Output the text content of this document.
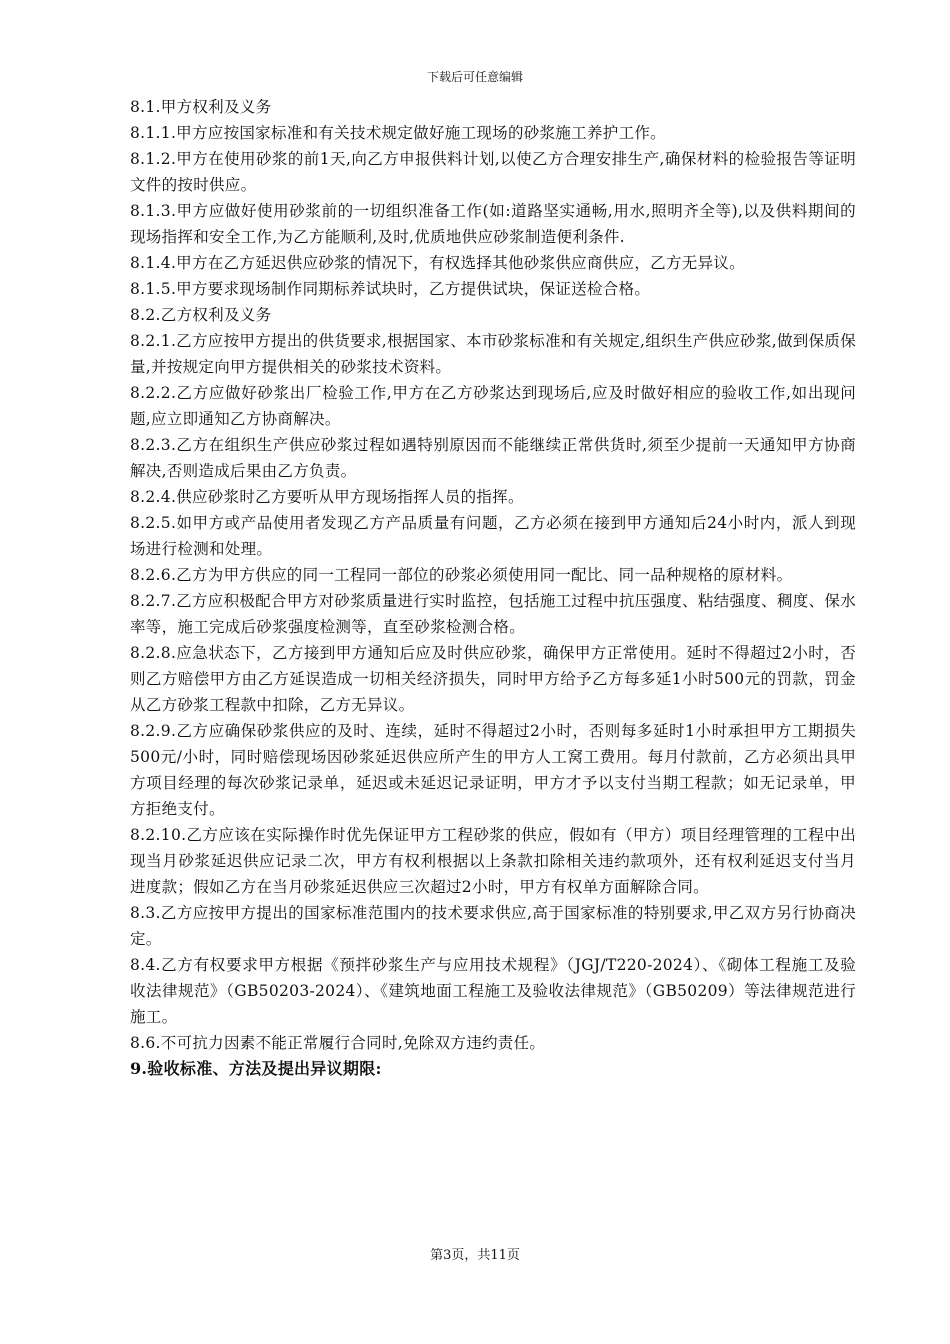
下载后可任意编辑

8.1.甲方权利及义务

8.1.1.甲方应按国家标准和有关技术规定做好施工现场的砂浆施工养护工作。

8.1.2.甲方在使用砂浆的前1天,向乙方申报供料计划,以使乙方合理安排生产,确保材料的检验报告等证明文件的按时供应。

8.1.3.甲方应做好使用砂浆前的一切组织准备工作(如:道路坚实通畅,用水,照明齐全等),以及供料期间的现场指挥和安全工作,为乙方能顺利,及时,优质地供应砂浆制造便利条件.

8.1.4.甲方在乙方延迟供应砂浆的情况下，有权选择其他砂浆供应商供应，乙方无异议。

8.1.5.甲方要求现场制作同期标养试块时，乙方提供试块，保证送检合格。

8.2.乙方权利及义务

8.2.1.乙方应按甲方提出的供货要求,根据国家、本市砂浆标准和有关规定,组织生产供应砂浆,做到保质保量,并按规定向甲方提供相关的砂浆技术资料。

8.2.2.乙方应做好砂浆出厂检验工作,甲方在乙方砂浆达到现场后,应及时做好相应的验收工作,如出现问题,应立即通知乙方协商解决。

8.2.3.乙方在组织生产供应砂浆过程如遇特别原因而不能继续正常供货时,须至少提前一天通知甲方协商解决,否则造成后果由乙方负责。

8.2.4.供应砂浆时乙方要听从甲方现场指挥人员的指挥。

8.2.5.如甲方或产品使用者发现乙方产品质量有问题，乙方必须在接到甲方通知后24小时内，派人到现场进行检测和处理。

8.2.6.乙方为甲方供应的同一工程同一部位的砂浆必须使用同一配比、同一品种规格的原材料。

8.2.7.乙方应积极配合甲方对砂浆质量进行实时监控，包括施工过程中抗压强度、粘结强度、稠度、保水率等，施工完成后砂浆强度检测等，直至砂浆检测合格。

8.2.8.应急状态下，乙方接到甲方通知后应及时供应砂浆，确保甲方正常使用。延时不得超过2小时，否则乙方赔偿甲方由乙方延误造成一切相关经济损失，同时甲方给予乙方每多延1小时500元的罚款，罚金从乙方砂浆工程款中扣除，乙方无异议。

8.2.9.乙方应确保砂浆供应的及时、连续，延时不得超过2小时，否则每多延时1小时承担甲方工期损失500元/小时，同时赔偿现场因砂浆延迟供应所产生的甲方人工窝工费用。每月付款前，乙方必须出具甲方项目经理的每次砂浆记录单，延迟或未延迟记录证明，甲方才予以支付当期工程款；如无记录单，甲方拒绝支付。

8.2.10.乙方应该在实际操作时优先保证甲方工程砂浆的供应，假如有（甲方）项目经理管理的工程中出现当月砂浆延迟供应记录二次，甲方有权利根据以上条款扣除相关违约款项外，还有权利延迟支付当月进度款；假如乙方在当月砂浆延迟供应三次超过2小时，甲方有权单方面解除合同。

8.3.乙方应按甲方提出的国家标准范围内的技术要求供应,高于国家标准的特别要求,甲乙双方另行协商决定。

8.4.乙方有权要求甲方根据《预拌砂浆生产与应用技术规程》（JGJ/T220-2024）、《砌体工程施工及验收法律规范》（GB50203-2024）、《建筑地面工程施工及验收法律规范》（GB50209）等法律规范进行施工。

8.6.不可抗力因素不能正常履行合同时,免除双方违约责任。

9.验收标准、方法及提出异议期限:

第3页，共11页
